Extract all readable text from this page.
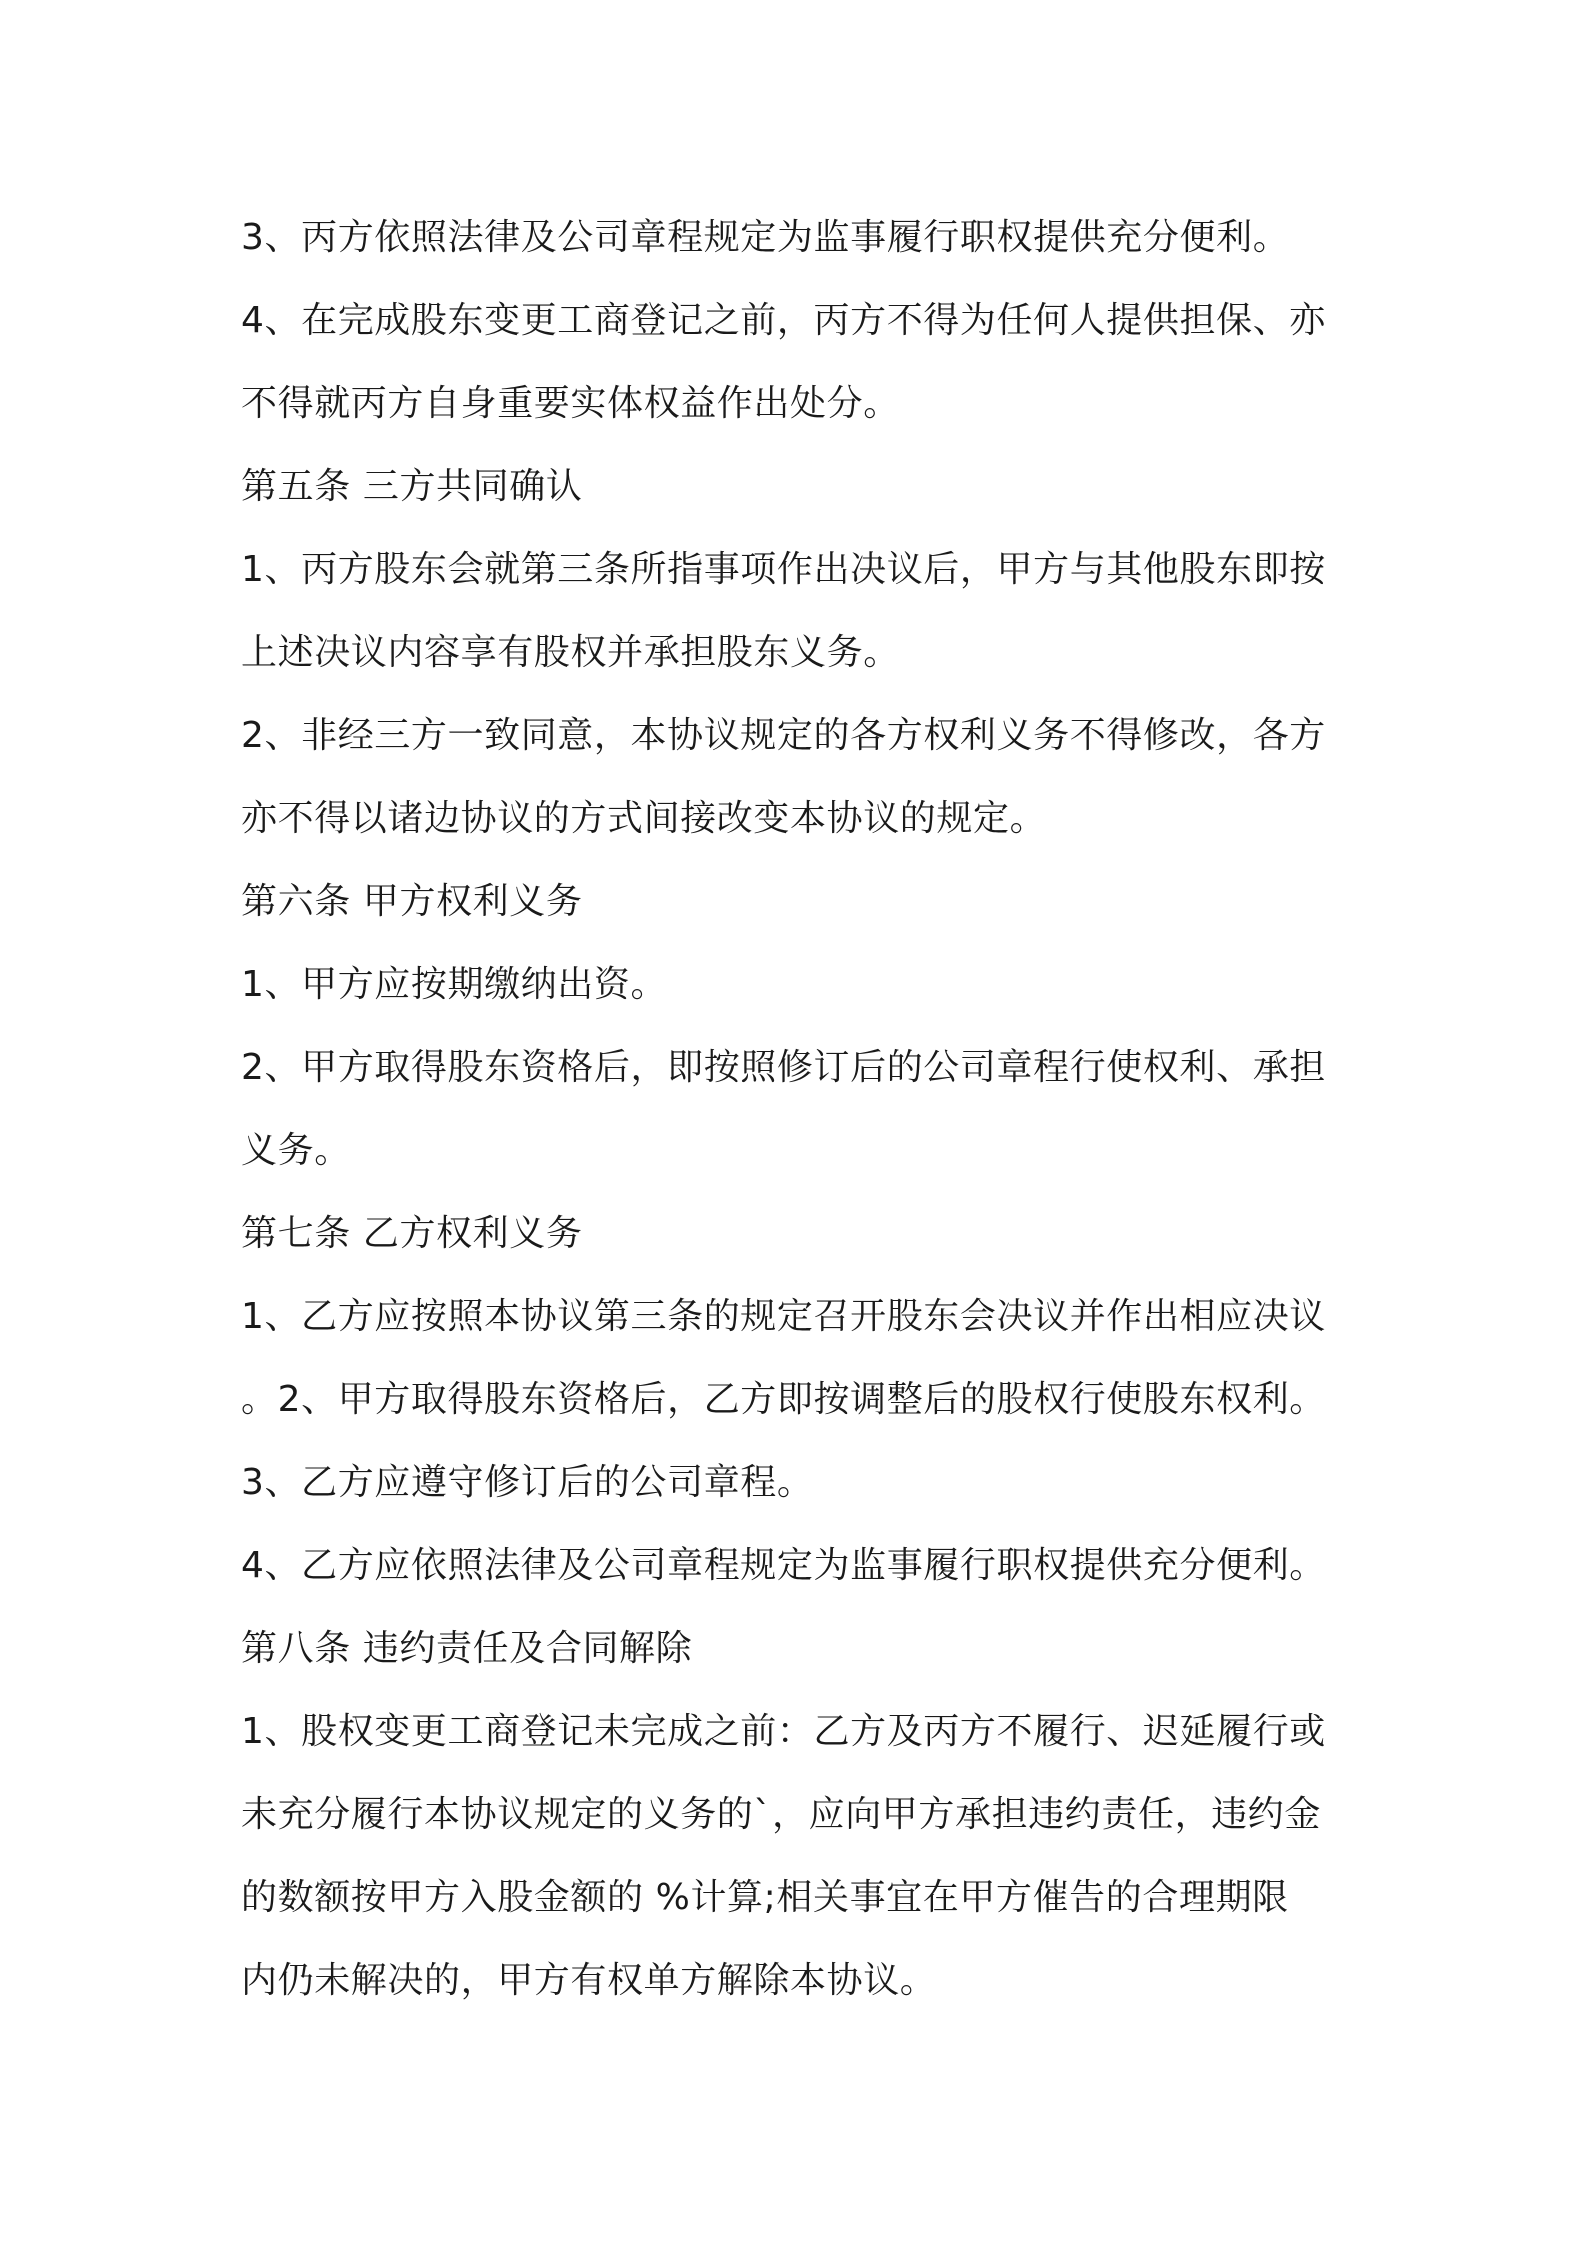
3、丙方依照法律及公司章程规定为监事履行职权提供充分便利。
4、在完成股东变更工商登记之前，丙方不得为任何人提供担保、亦
不得就丙方自身重要实体权益作出处分。
第五条 三方共同确认
1、丙方股东会就第三条所指事项作出决议后，甲方与其他股东即按
上述决议内容享有股权并承担股东义务。
2、非经三方一致同意，本协议规定的各方权利义务不得修改，各方
亦不得以诸边协议的方式间接改变本协议的规定。
第六条 甲方权利义务
1、甲方应按期缴纳出资。
2、甲方取得股东资格后，即按照修订后的公司章程行使权利、承担
义务。
第七条 乙方权利义务
1、乙方应按照本协议第三条的规定召开股东会决议并作出相应决议
。2、甲方取得股东资格后，乙方即按调整后的股权行使股东权利。
3、乙方应遵守修订后的公司章程。
4、乙方应依照法律及公司章程规定为监事履行职权提供充分便利。
第八条 违约责任及合同解除
1、股权变更工商登记未完成之前：乙方及丙方不履行、迟延履行或
未充分履行本协议规定的义务的`，应向甲方承担违约责任，违约金
的数额按甲方入股金额的 %计算;相关事宜在甲方催告的合理期限
内仍未解决的，甲方有权单方解除本协议。
